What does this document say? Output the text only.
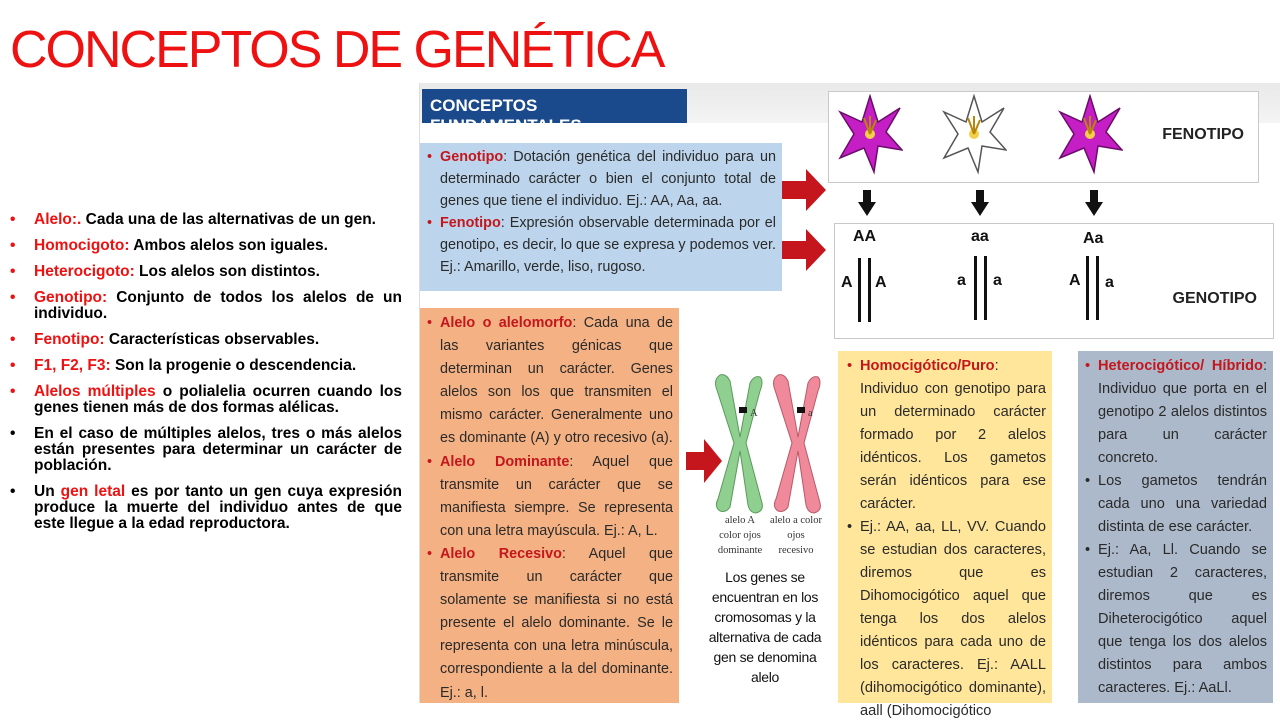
CONCEPTOS DE GENÉTICA
• Alelo:. Cada una de las alternativas de un gen.
• Homocigoto: Ambos alelos son iguales.
• Heterocigoto: Los alelos son distintos.
• Genotipo: Conjunto de todos los alelos de un individuo.
• Fenotipo: Características observables.
• F1, F2, F3: Son la progenie o descendencia.
• Alelos múltiples o polialelia ocurren cuando los genes tienen más de dos formas alélicas.
• En el caso de múltiples alelos, tres o más alelos están presentes para determinar un carácter de población.
• Un gen letal es por tanto un gen cuya expresión produce la muerte del individuo antes de que este llegue a la edad reproductora.
CONCEPTOS FUNDAMENTALES
• Genotipo: Dotación genética del individuo para un determinado carácter o bien el conjunto total de genes que tiene el individuo. Ej.: AA, Aa, aa.
• Fenotipo: Expresión observable determinada por el genotipo, es decir, lo que se expresa y podemos ver. Ej.: Amarillo, verde, liso, rugoso.
• Alelo o alelomorfo: Cada una de las variantes génicas que determinan un carácter. Genes alelos son los que transmiten el mismo carácter. Generalmente uno es dominante (A) y otro recesivo (a).
• Alelo Dominante: Aquel que transmite un carácter que se manifiesta siempre. Se representa con una letra mayúscula. Ej.: A, L.
• Alelo Recesivo: Aquel que transmite un carácter que solamente se manifiesta si no está presente el alelo dominante. Se le representa con una letra minúscula, correspondiente a la del dominante. Ej.: a, l.
• Homocigótico/Puro: Individuo con genotipo para un determinado carácter formado por 2 alelos idénticos. Los gametos serán idénticos para ese carácter.
• Ej.: AA, aa, LL, VV. Cuando se estudian dos caracteres, diremos que es Dihomocigótico aquel que tenga los dos alelos idénticos para cada uno de los caracteres. Ej.: AALL (dihomocigótico dominante), aall (Dihomocigótico
• Heterocigótico/ Híbrido: Individuo que porta en el genotipo 2 alelos distintos para un carácter concreto.
• Los gametos tendrán cada uno una variedad distinta de ese carácter.
• Ej.: Aa, Ll. Cuando se estudian 2 caracteres, diremos que es Diheterocigótico aquel que tenga los dos alelos distintos para ambos caracteres. Ej.: AaLl.
FENOTIPO
AA	aa	Aa
A A	a a	A a
GENOTIPO
A	a
alelo A color ojos dominante
alelo a color ojos recesivo
Los genes se encuentran en los cromosomas y la alternativa de cada gen se denomina alelo
